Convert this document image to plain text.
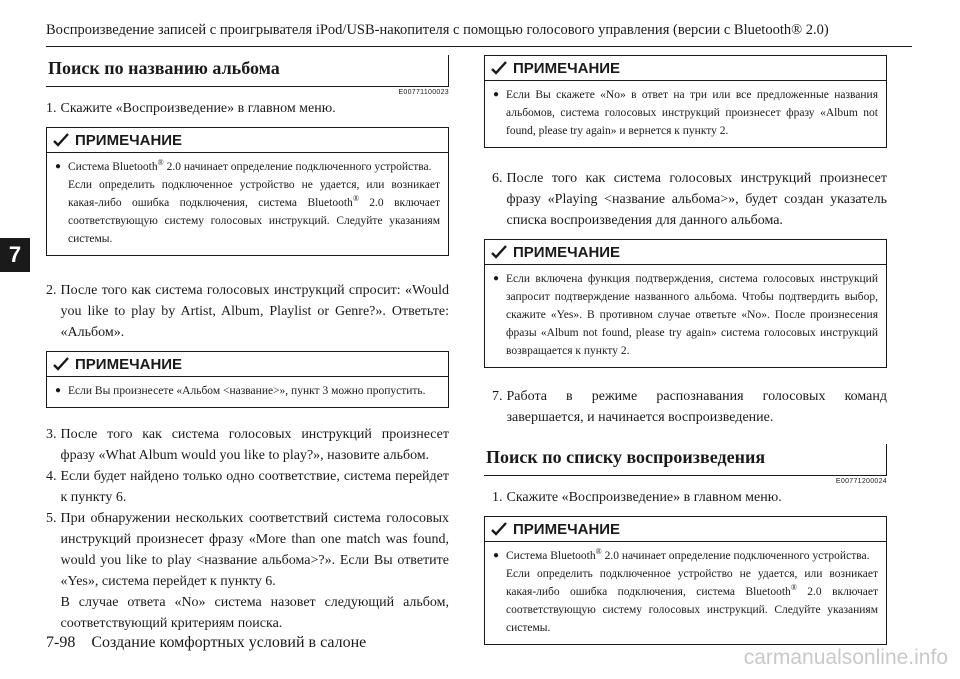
Воспроизведение записей с проигрывателя iPod/USB-накопителя с помощью голосового управления (версии с Bluetooth® 2.0)
7
Поиск по названию альбома
E00771100023
1. Скажите «Воспроизведение» в главном меню.
ПРИМЕЧАНИЕ
● Система Bluetooth® 2.0 начинает определение подключенного устройства.
Если определить подключенное устройство не удается, или возникает какая-либо ошибка подключения, система Bluetooth® 2.0 включает соответствующую систему голосовых инструкций. Следуйте указаниям системы.
2. После того как система голосовых инструкций спросит: «Would you like to play by Artist, Album, Playlist or Genre?». Ответьте: «Альбом».
ПРИМЕЧАНИЕ
● Если Вы произнесете «Альбом <название>», пункт 3 можно пропустить.
3. После того как система голосовых инструкций произнесет фразу «What Album would you like to play?», назовите альбом.
4. Если будет найдено только одно соответствие, система перейдет к пункту 6.
5. При обнаружении нескольких соответствий система голосовых инструкций произнесет фразу «More than one match was found, would you like to play <название альбома>?». Если Вы ответите «Yes», система перейдет к пункту 6.
В случае ответа «No» система назовет следующий альбом, соответствующий критериям поиска.
ПРИМЕЧАНИЕ
● Если Вы скажете «No» в ответ на три или все предложенные названия альбомов, система голосовых инструкций произнесет фразу «Album not found, please try again» и вернется к пункту 2.
6. После того как система голосовых инструкций произнесет фразу «Playing <название альбома>», будет создан указатель списка воспроизведения для данного альбома.
ПРИМЕЧАНИЕ
● Если включена функция подтверждения, система голосовых инструкций запросит подтверждение названного альбома. Чтобы подтвердить выбор, скажите «Yes». В противном случае ответьте «No». После произнесения фразы «Album not found, please try again» система голосовых инструкций возвращается к пункту 2.
7. Работа в режиме распознавания голосовых команд завершается, и начинается воспроизведение.
Поиск по списку воспроизведения
E00771200024
1. Скажите «Воспроизведение» в главном меню.
ПРИМЕЧАНИЕ
● Система Bluetooth® 2.0 начинает определение подключенного устройства.
Если определить подключенное устройство не удается, или возникает какая-либо ошибка подключения, система Bluetooth® 2.0 включает соответствующую систему голосовых инструкций. Следуйте указаниям системы.
7-98 Создание комфортных условий в салоне
carmanualsonline.info
